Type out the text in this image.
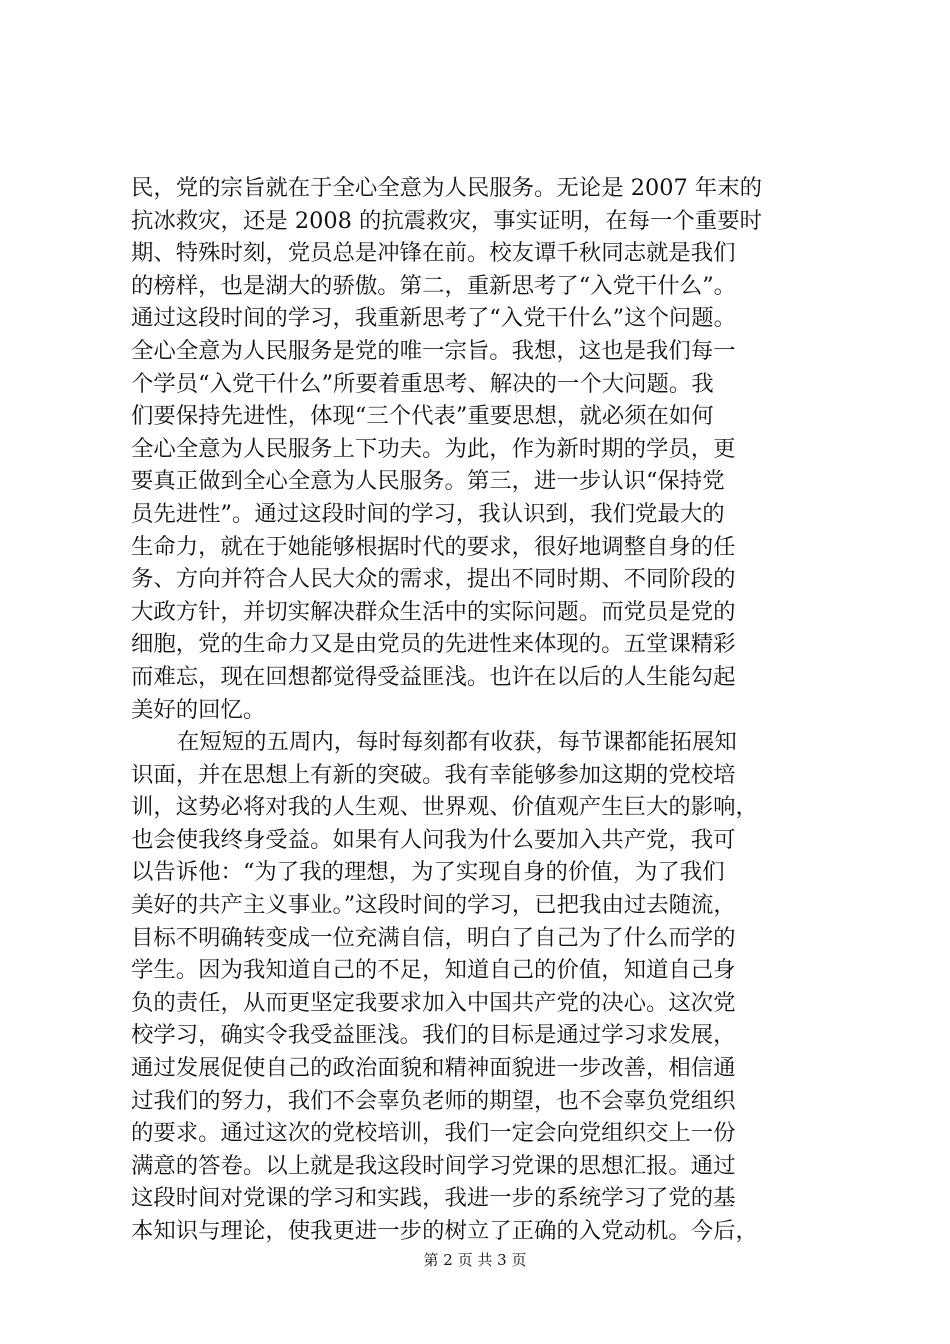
民，党的宗旨就在于全心全意为人民服务。无论是 2007 年末的
抗冰救灾，还是 2008 的抗震救灾，事实证明，在每一个重要时
期、特殊时刻，党员总是冲锋在前。校友谭千秋同志就是我们
的榜样，也是湖大的骄傲。第二，重新思考了“入党干什么”。
通过这段时间的学习，我重新思考了“入党干什么”这个问题。
全心全意为人民服务是党的唯一宗旨。我想，这也是我们每一
个学员“入党干什么”所要着重思考、解决的一个大问题。我
们要保持先进性，体现“三个代表”重要思想，就必须在如何
全心全意为人民服务上下功夫。为此，作为新时期的学员，更
要真正做到全心全意为人民服务。第三，进一步认识“保持党
员先进性”。通过这段时间的学习，我认识到，我们党最大的
生命力，就在于她能够根据时代的要求，很好地调整自身的任
务、方向并符合人民大众的需求，提出不同时期、不同阶段的
大政方针，并切实解决群众生活中的实际问题。而党员是党的
细胞，党的生命力又是由党员的先进性来体现的。五堂课精彩
而难忘，现在回想都觉得受益匪浅。也许在以后的人生能勾起
美好的回忆。
在短短的五周内，每时每刻都有收获，每节课都能拓展知
识面，并在思想上有新的突破。我有幸能够参加这期的党校培
训，这势必将对我的人生观、世界观、价值观产生巨大的影响，
也会使我终身受益。如果有人问我为什么要加入共产党，我可
以告诉他：“为了我的理想，为了实现自身的价值，为了我们
美好的共产主义事业。”这段时间的学习，已把我由过去随流，
目标不明确转变成一位充满自信，明白了自己为了什么而学的
学生。因为我知道自己的不足，知道自己的价值，知道自己身
负的责任，从而更坚定我要求加入中国共产党的决心。这次党
校学习，确实令我受益匪浅。我们的目标是通过学习求发展，
通过发展促使自己的政治面貌和精神面貌进一步改善，相信通
过我们的努力，我们不会辜负老师的期望，也不会辜负党组织
的要求。通过这次的党校培训，我们一定会向党组织交上一份
满意的答卷。以上就是我这段时间学习党课的思想汇报。通过
这段时间对党课的学习和实践，我进一步的系统学习了党的基
本知识与理论，使我更进一步的树立了正确的入党动机。今后，
第 2 页 共 3 页
